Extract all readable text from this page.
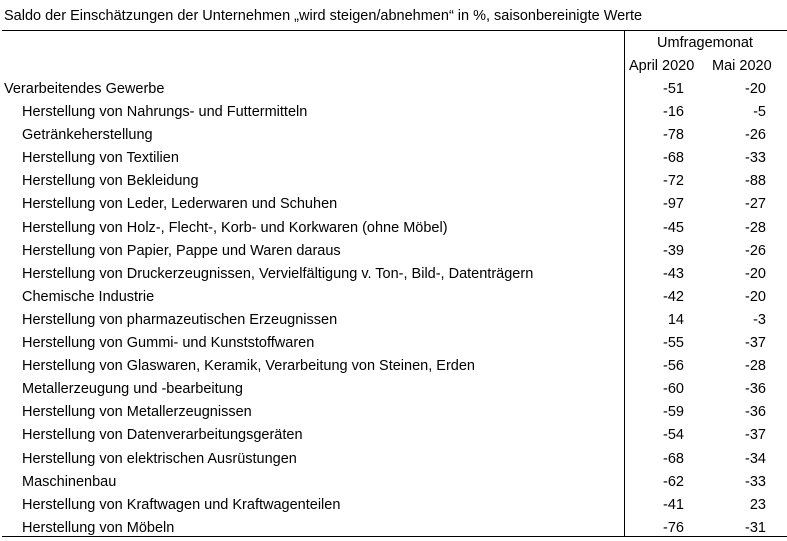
Saldo der Einschätzungen der Unternehmen „wird steigen/abnehmen“ in %, saisonbereinigte Werte
Umfragemonat
April 2020 Mai 2020
Verarbeitendes Gewerbe	-51	-20
Herstellung von Nahrungs- und Futtermitteln	-16	-5
Getränkeherstellung	-78	-26
Herstellung von Textilien	-68	-33
Herstellung von Bekleidung	-72	-88
Herstellung von Leder, Lederwaren und Schuhen	-97	-27
Herstellung von Holz-, Flecht-, Korb- und Korkwaren (ohne Möbel)	-45	-28
Herstellung von Papier, Pappe und Waren daraus	-39	-26
Herstellung von Druckerzeugnissen, Vervielfältigung v. Ton-, Bild-, Datenträgern	-43	-20
Chemische Industrie	-42	-20
Herstellung von pharmazeutischen Erzeugnissen	14	-3
Herstellung von Gummi- und Kunststoffwaren	-55	-37
Herstellung von Glaswaren, Keramik, Verarbeitung von Steinen, Erden	-56	-28
Metallerzeugung und -bearbeitung	-60	-36
Herstellung von Metallerzeugnissen	-59	-36
Herstellung von Datenverarbeitungsgeräten	-54	-37
Herstellung von elektrischen Ausrüstungen	-68	-34
Maschinenbau	-62	-33
Herstellung von Kraftwagen und Kraftwagenteilen	-41	23
Herstellung von Möbeln	-76	-31
